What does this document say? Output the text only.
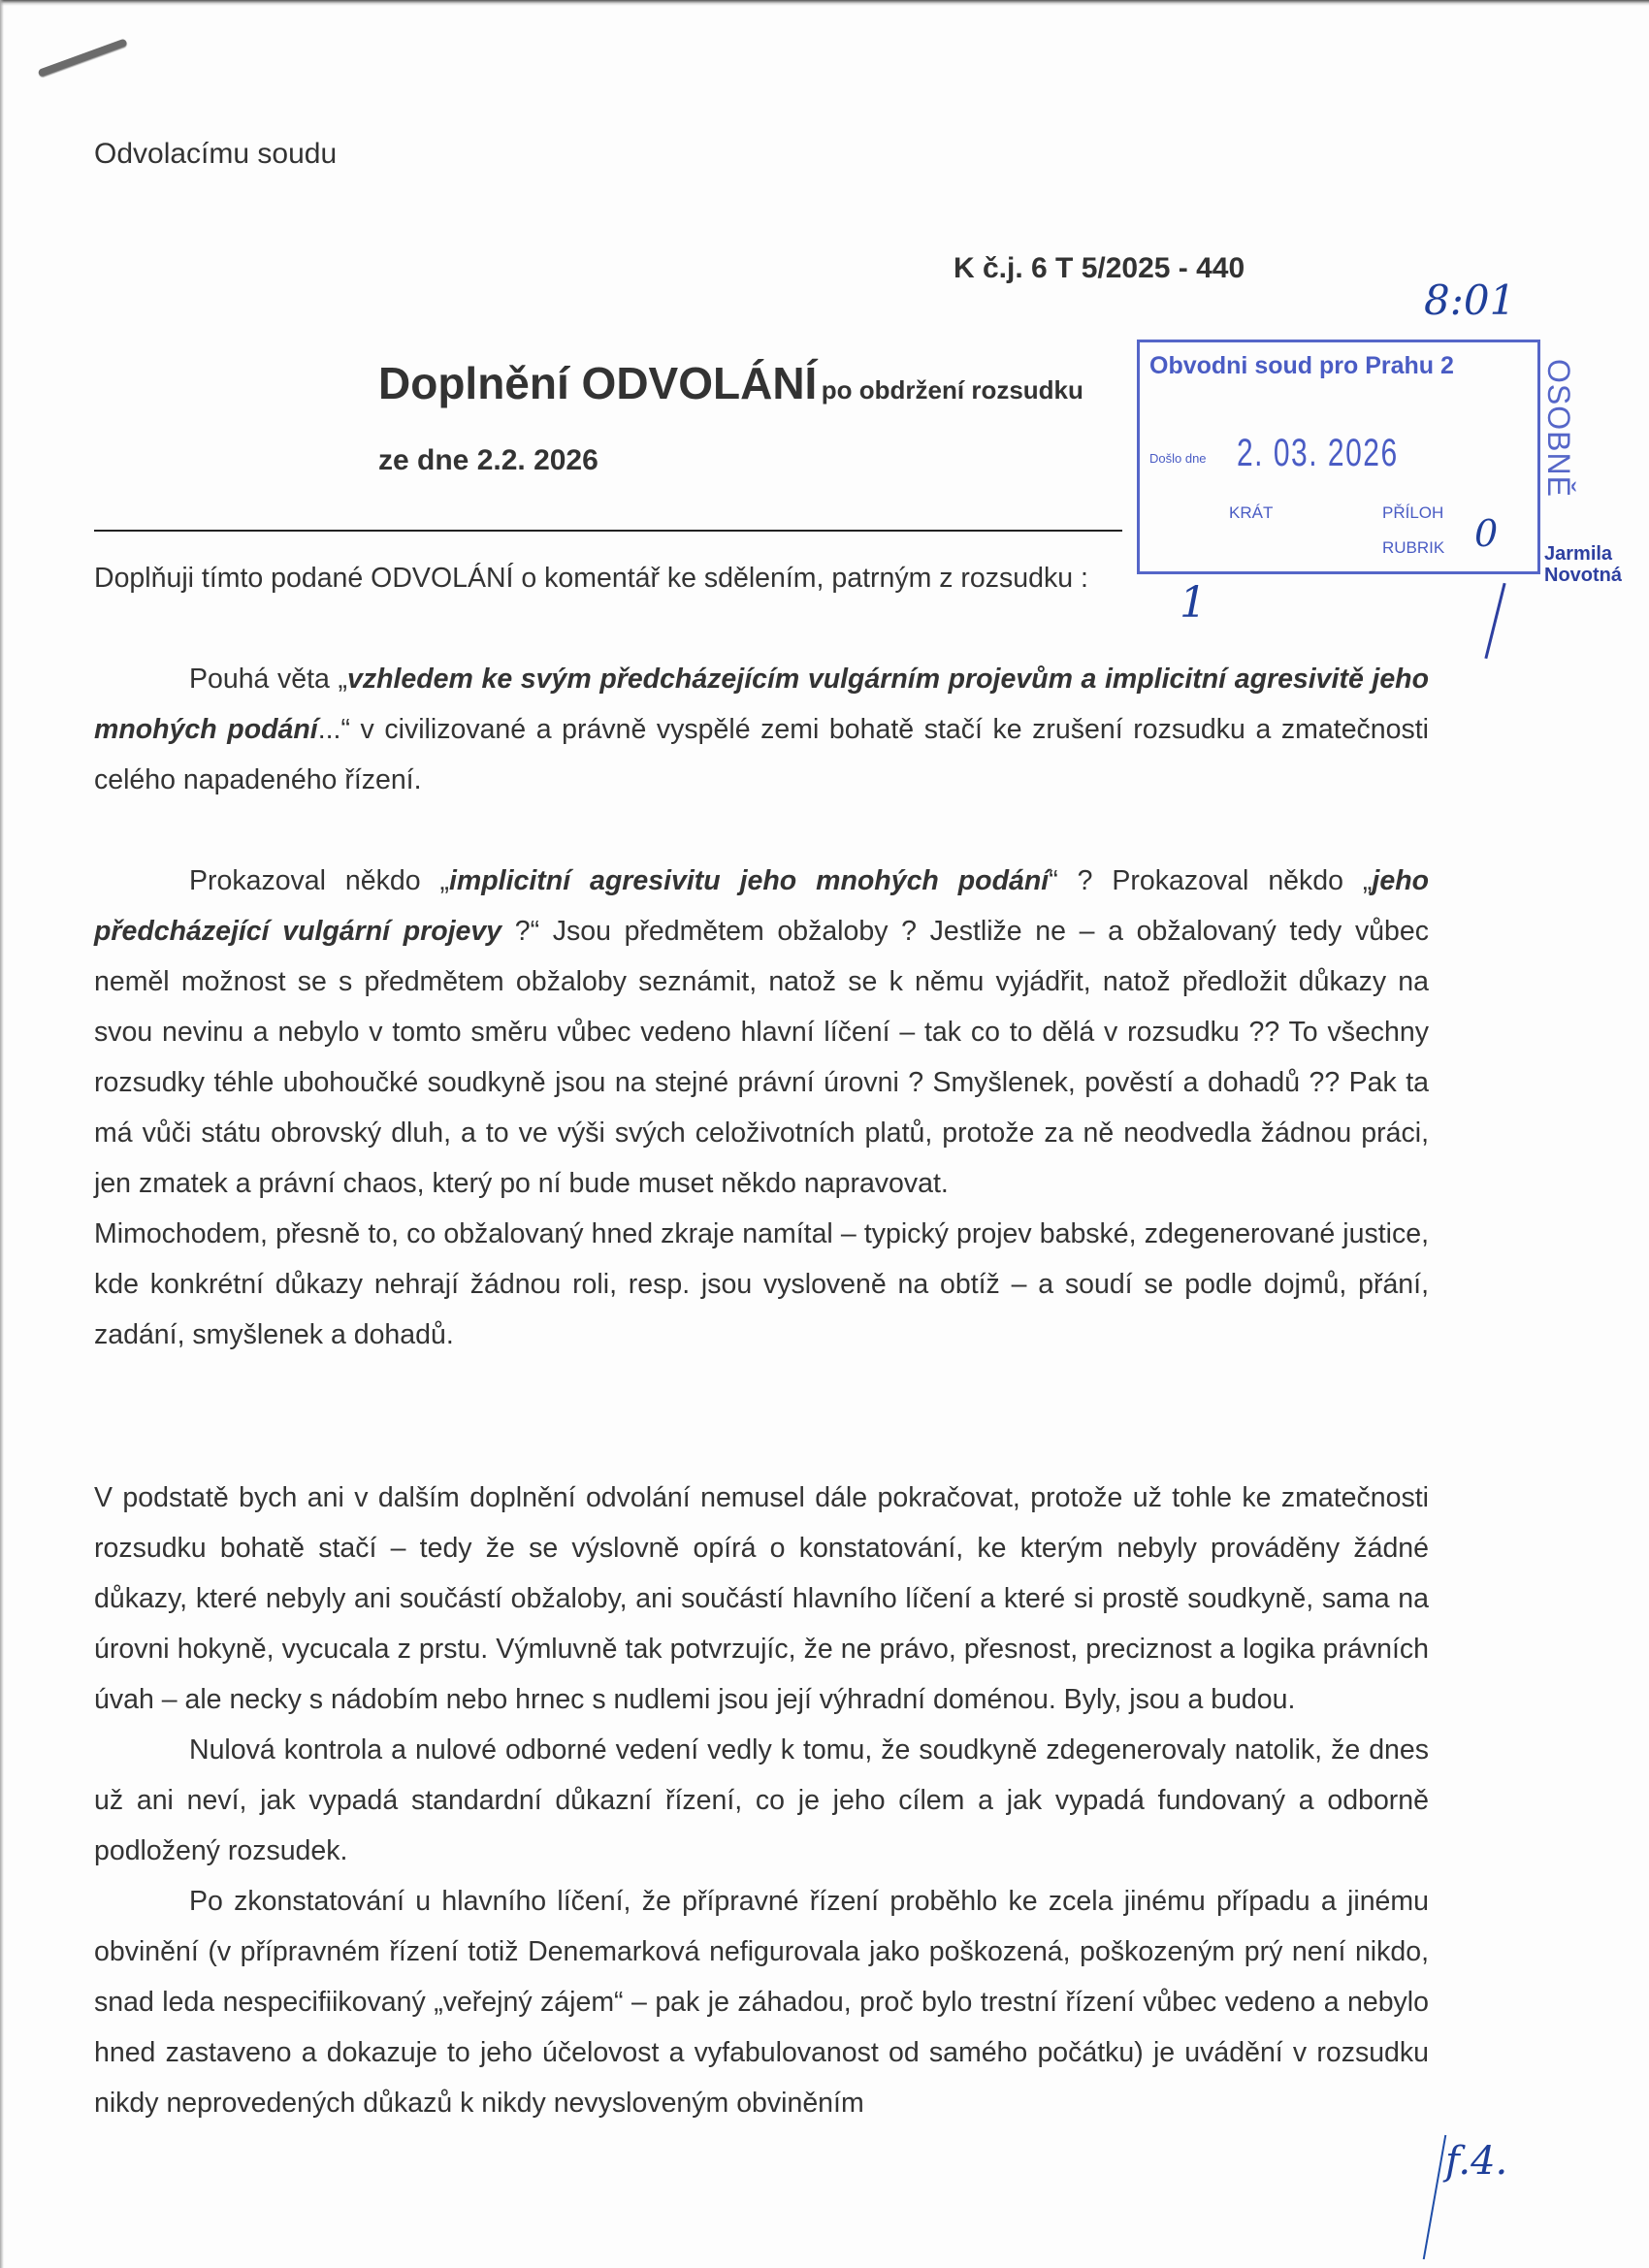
Odvolacímu soudu
K č.j. 6 T 5/2025 - 440
Doplnění ODVOLÁNÍ po obdržení rozsudku
ze dne 2.2. 2026
8:01
Obvodni soud pro Prahu 2
Došlo dne 2. 03. 2026
KRÁT	PŘÍLOH
RUBRIK
OSOBNĚ
Jarmila
Novotná
1
0
Doplňuji tímto podané ODVOLÁNÍ o komentář ke sdělením, patrným z rozsudku :

Pouhá věta „vzhledem ke svým předcházejícím vulgárním projevům a implicitní agresivitě jeho mnohých podání...“ v civilizované a právně vyspělé zemi bohatě stačí ke zrušení rozsudku a zmatečnosti celého napadeného řízení.

Prokazoval někdo „implicitní agresivitu jeho mnohých podání“ ? Prokazoval někdo „jeho předcházející vulgární projevy ?“ Jsou předmětem obžaloby ? Jestliže ne – a obžalovaný tedy vůbec neměl možnost se s předmětem obžaloby seznámit, natož se k němu vyjádřit, natož předložit důkazy na svou nevinu a nebylo v tomto směru vůbec vedeno hlavní líčení – tak co to dělá v rozsudku ?? To všechny rozsudky téhle ubohoučké soudkyně jsou na stejné právní úrovni ? Smyšlenek, pověstí a dohadů ?? Pak ta má vůči státu obrovský dluh, a to ve výši svých celoživotních platů, protože za ně neodvedla žádnou práci, jen zmatek a právní chaos, který po ní bude muset někdo napravovat.

Mimochodem, přesně to, co obžalovaný hned zkraje namítal – typický projev babské, zdegenerované justice, kde konkrétní důkazy nehrají žádnou roli, resp. jsou vysloveně na obtíž – a soudí se podle dojmů, přání, zadání, smyšlenek a dohadů.

V podstatě bych ani v dalším doplnění odvolání nemusel dále pokračovat, protože už tohle ke zmatečnosti rozsudku bohatě stačí – tedy že se výslovně opírá o konstatování, ke kterým nebyly prováděny žádné důkazy, které nebyly ani součástí obžaloby, ani součástí hlavního líčení a které si prostě soudkyně, sama na úrovni hokyně, vycucala z prstu. Výmluvně tak potvrzujíc, že ne právo, přesnost, preciznost a logika právních úvah – ale necky s nádobím nebo hrnec s nudlemi jsou její výhradní doménou. Byly, jsou a budou.

Nulová kontrola a nulové odborné vedení vedly k tomu, že soudkyně zdegenerovaly natolik, že dnes už ani neví, jak vypadá standardní důkazní řízení, co je jeho cílem a jak vypadá fundovaný a odborně podložený rozsudek.

Po zkonstatování u hlavního líčení, že přípravné řízení proběhlo ke zcela jinému případu a jinému obvinění (v přípravném řízení totiž Denemarková nefigurovala jako poškozená, poškozeným prý není nikdo, snad leda nespecifiikovaný „veřejný zájem“ – pak je záhadou, proč bylo trestní řízení vůbec vedeno a nebylo hned zastaveno a dokazuje to jeho účelovost a vyfabulovanost od samého počátku) je uvádění v rozsudku nikdy neprovedených důkazů k nikdy nevysloveným obviněním

f.4.
